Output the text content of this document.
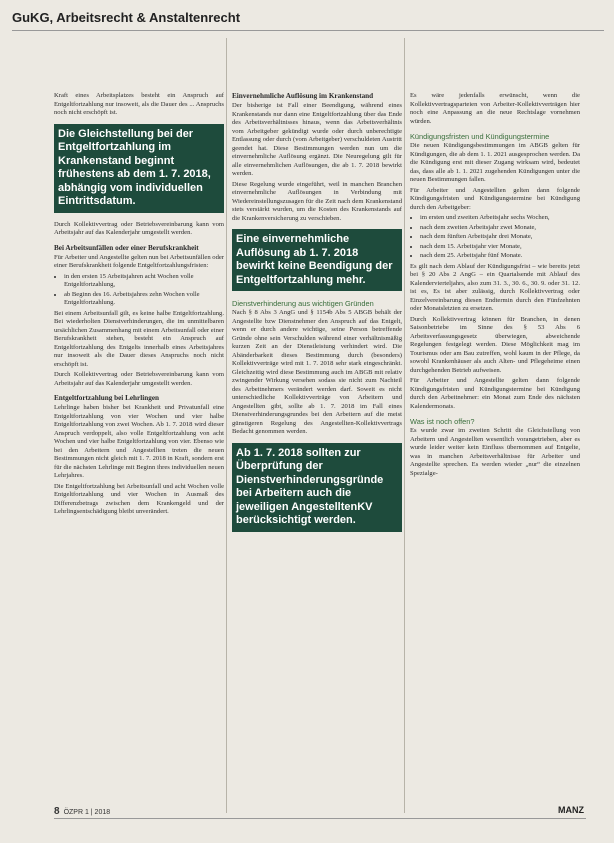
GuKG, Arbeitsrecht & Anstaltenrecht

Kraft eines Arbeitsplatzes besteht ein Anspruch auf Entgeltfortzahlung nur insoweit, als die Dauer des ... Anspruchs noch nicht erschöpft ist.

Die Gleichstellung bei der Entgeltfortzahlung im Krankenstand beginnt frühestens ab dem 1. 7. 2018, abhängig vom individuellen Eintrittsdatum.

Durch Kollektivvertrag oder Betriebsvereinbarung kann vom Arbeitsjahr auf das Kalenderjahr umgestellt werden.

Bei Arbeitsunfällen oder einer Berufskrankheit

Für Arbeiter und Angestellte gelten nun bei Arbeitsunfällen oder einer Berufskrankheit folgende Entgeltfortzahlungsfristen:

• in den ersten 15 Arbeitsjahren acht Wochen volle Entgeltfortzahlung,
• ab Beginn des 16. Arbeitsjahres zehn Wochen volle Entgeltfortzahlung.

Bei einem Arbeitsunfall gilt, es keine halbe Entgeltfortzahlung. Bei wiederholten Dienstverhinderungen, die im unmittelbaren ursächlichen Zusammenhang mit einem Arbeitsunfall oder einer Berufskrankheit stehen, besteht ein Anspruch auf Entgeltfortzahlung des Entgelts innerhalb eines Arbeitsjahres nur insoweit als die Dauer dieses Anspruchs noch nicht erschöpft ist.

Durch Kollektivvertrag oder Betriebsvereinbarung kann vom Arbeitsjahr auf das Kalenderjahr umgestellt werden.

Entgeltfortzahlung bei Lehrlingen

Lehrlinge haben bisher bei Krankheit und Privatunfall eine Entgeltfortzahlung von vier Wochen und vier halbe Entgeltfortzahlung von zwei Wochen. Ab 1. 7. 2018 wird dieser Anspruch verdoppelt, also volle Entgeltfortzahlung von acht Wochen und vier halbe Entgeltfortzahlung von vier. Ebenso wie bei den Arbeitern und Angestellten treten die neuen Bestimmungen nicht gleich mit 1. 7. 2018 in Kraft, sondern erst für die nächsten Lehrlinge mit Beginn ihres individuellen neuen Lehrjahres.

Die Entgeltfortzahlung bei Arbeitsunfall und acht Wochen volle Entgeltfortzahlung und vier Wochen in Ausmaß des Differenzbetrags zwischen dem Krankengeld und der Lehrlingsentschädigung bleibt unverändert.

Einvernehmliche Auflösung im Krankenstand

Der bisherige ist Fall einer Beendigung, während eines Krankenstands nur dann eine Entgeltfortzahlung über das Ende des Arbeitsverhältnisses hinaus, wenn das Arbeitsverhältnis vom Arbeitgeber gekündigt wurde oder durch unberechtigte Entlassung oder durch (vom Arbeitgeber) verschuldeten Austritt geendet hat. Diese Bestimmungen werden nun um die einvernehmliche Auflösung ergänzt. Die Neuregelung gilt für alle einvernehmlichen Auflösungen, die ab 1. 7. 2018 bewirkt werden.

Diese Regelung wurde eingeführt, weil in manchen Branchen einvernehmliche Auflösungen in Verbindung mit Wiedereinstellungszusagen für die Zeit nach dem Krankenstand stets verstärkt wurden, um die Kosten des Krankenstands auf die Krankenversicherung zu verschieben.

Eine einvernehmliche Auflösung ab 1. 7. 2018 bewirkt keine Beendigung der Entgeltfortzahlung mehr.
Dienstverhinderung aus wichtigen Gründen

Nach § 8 Abs 3 AngG und § 1154b Abs 5 ABGB behält der Angestellte bzw Dienstnehmer den Anspruch auf das Entgelt, wenn er durch andere wichtige, seine Person betreffende Gründe ohne sein Verschulden während einer verhältnismäßig kurzen Zeit an der Dienstleistung verhindert wird. Die Abänderbarkeit dieses Bestimmung durch (besonders) Kollektivverträge wird mit 1. 7. 2018 sehr stark eingeschränkt. Gleichzeitig wird diese Bestimmung auch im ABGB mit relativ zwingender Wirkung versehen sodass sie nicht zum Nachteil des Arbeitnehmers verändert werden darf. Soweit es nicht unterschiedliche Kollektivverträge von Arbeitern und Angestellten gibt, sollte ab 1. 7. 2018 im Fall eines Dienstverhinderungsgrundes bei den Arbeitern auf die meist günstigeren Regelung des Angestellten-Kollektivvertrags Bedacht genommen werden.

Ab 1. 7. 2018 sollten zur Überprüfung der Dienstverhinderungsgründe bei Arbeitern auch die jeweiligen AngestelltenKV berücksichtigt werden.

Es wäre jedenfalls erwünscht, wenn die Kollektivvertragsparteien von Arbeiter-Kollektivverträgen hier noch eine Anpassung an die neue Rechtslage vornehmen würden.

Kündigungsfristen und Kündigungstermine

Die neuen Kündigungsbestimmungen im ABGB gelten für Kündigungen, die ab dem 1. 1. 2021 ausgesprochen werden. Da die Kündigung erst mit dieser Zugang wirksam wird, bedeutet das, dass alle ab 1. 1. 2021 zugehenden Kündigungen unter die neuen Bestimmungen fallen.

Für Arbeiter und Angestellten gelten dann folgende Kündigungsfristen und Kündigungstermine bei Kündigung durch den Arbeitgeber:

• im ersten und zweiten Arbeitsjahr sechs Wochen,
• nach dem zweiten Arbeitsjahr zwei Monate,
• nach dem fünften Arbeitsjahr drei Monate,
• nach dem 15. Arbeitsjahr vier Monate,
• nach dem 25. Arbeitsjahr fünf Monate.

Es gilt nach dem Ablauf der Kündigungsfrist – wie bereits jetzt bei § 20 Abs 2 AngG – ein Quartalsende mit Ablauf des Kalendervierteljahrs, also zum 31. 3., 30. 6., 30. 9. oder 31. 12. ist es, Es ist aber zulässig, durch Kollektivvertrag oder Einzelvereinbarung diesen Endtermin durch den Fünfzehnten oder Monatsletzten zu ersetzen.

Durch Kollektivvertrag können für Branchen, in denen Saisonbetriebe im Sinne des § 53 Abs 6 Arbeitsverfassungsgesetz überwiegen, abweichende Regelungen festgelegt werden. Diese Möglichkeit mag im Tourismus oder am Bau zutreffen, wohl kaum in der Pflege, da sowohl Krankenhäuser als auch Alten- und Pflegeheime einen durchgehenden Betrieb aufweisen.

Für Arbeiter und Angestellte gelten dann folgende Kündigungsfristen und Kündigungstermine bei Kündigung durch den Arbeitnehmer: ein Monat zum Ende des nächsten Kalendermonats.

Was ist noch offen?

Es wurde zwar im zweiten Schritt die Gleichstellung von Arbeitern und Angestellten wesentlich vorangetrieben, aber es wurde leider weiter kein Einfluss übernommen auf Entgelte, was in manchen Arbeitsverhältnisse für Arbeiter und Angestellte sprechen. Es werden wieder „nur“ die einzelnen Spezialge-

8 ÖZPR 1 | 2018	MANZ
